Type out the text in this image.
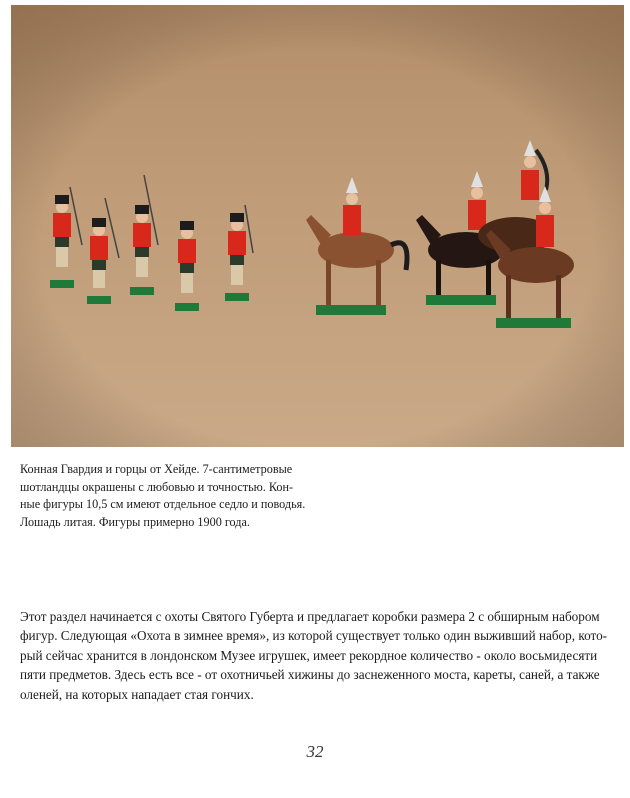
Конная Гвардия и горцы от Хейде. 7-сантиметровые

шотландцы окрашены с любовью и точностью. Кон-

ные фигуры 10,5 см имеют отдельное седло и поводья.

Лошадь литая. Фигуры примерно 1900 года.

Этот раздел начинается с охоты Святого Губерта и предлагает коробки размера 2 с обширным набором

фигур. Следующая «Охота в зимнее время», из которой существует только один выживший набор, кото-

рый сейчас хранится в лондонском Музее игрушек, имеет рекордное количество - около восьмидесяти

пяти предметов. Здесь есть все - от охотничьей хижины до заснеженного моста, кареты, саней, а также

оленей, на которых нападает стая гончих.

32
